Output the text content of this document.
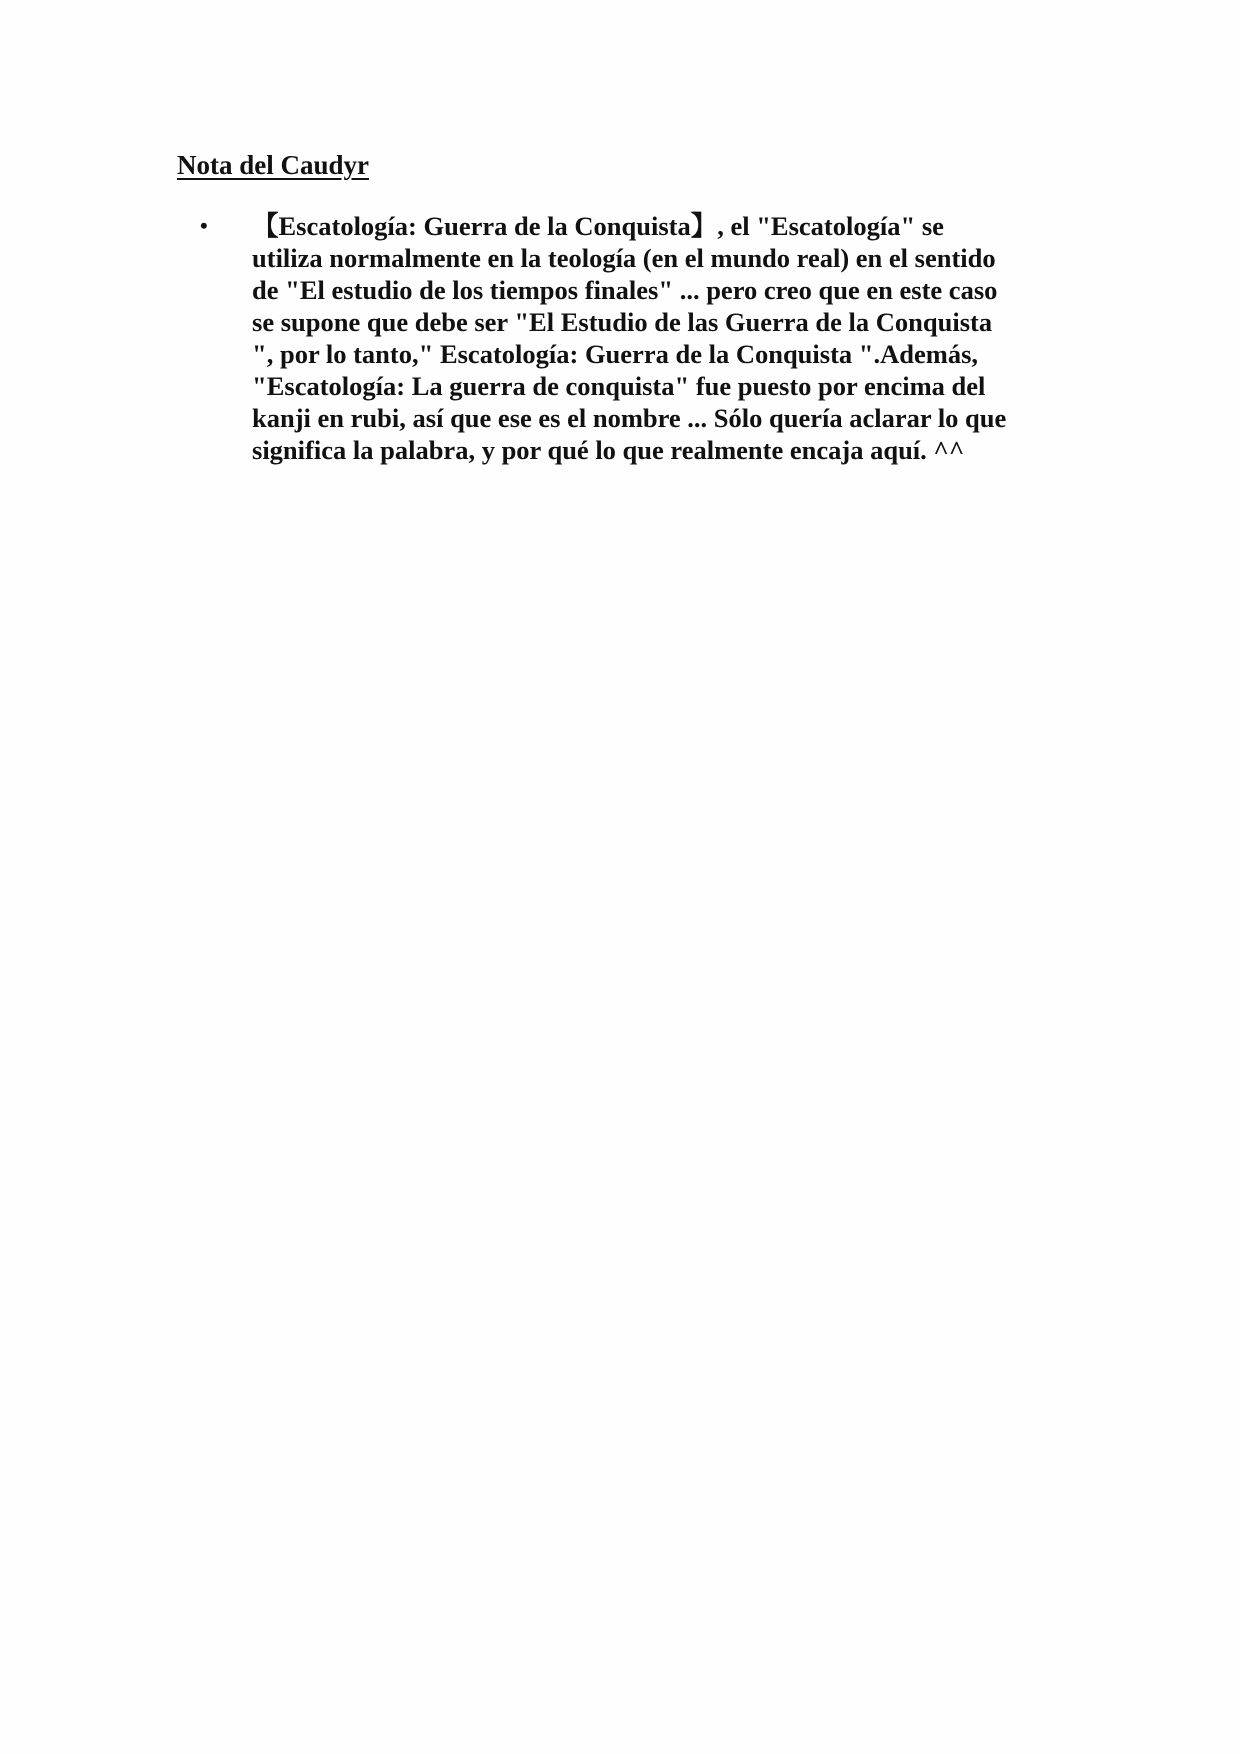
Nota del Caudyr
• 【Escatología: Guerra de la Conquista】, el "Escatología" se
utiliza normalmente en la teología (en el mundo real) en el sentido
de "El estudio de los tiempos finales" ... pero creo que en este caso
se supone que debe ser "El Estudio de las Guerra de la Conquista
", por lo tanto," Escatología: Guerra de la Conquista ".Además,
"Escatología: La guerra de conquista" fue puesto por encima del
kanji en rubi, así que ese es el nombre ... Sólo quería aclarar lo que
significa la palabra, y por qué lo que realmente encaja aquí. ^^
